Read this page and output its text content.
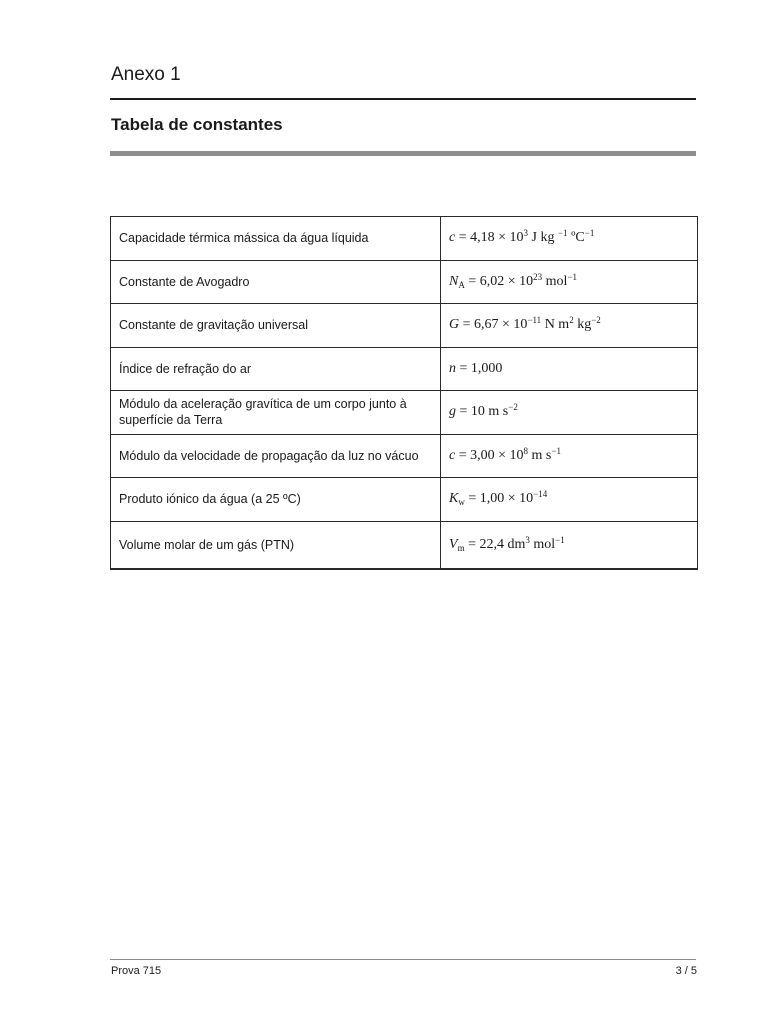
Anexo 1
Tabela de constantes
Capacidade térmica mássica da água líquida	$c = 4,18 \times 10^3$ J kg $^{-1}$ ºC$^{-1}$
Constante de Avogadro	$N_A = 6,02 \times 10^{23}$ mol$^{-1}$
Constante de gravitação universal	$G = 6,67 \times 10^{-11}$ N $m^2$ $kg^{-2}$
Índice de refração do ar	n = 1,000
Módulo da aceleração gravítica de um corpo junto à superfície da Terra	g = 10 m $s^{-2}$
Módulo da velocidade de propagação da luz no vácuo	$c = 3,00 \times 10^8$ m $s^{-1}$
Produto iónico da água (a 25 ºC)	$K_w = 1,00 \times 10^{-14}$
Volume molar de um gás (PTN)	$V_m = 22,4$ $dm^3$ mol$^{-1}$
Prova 715	3 / 5
